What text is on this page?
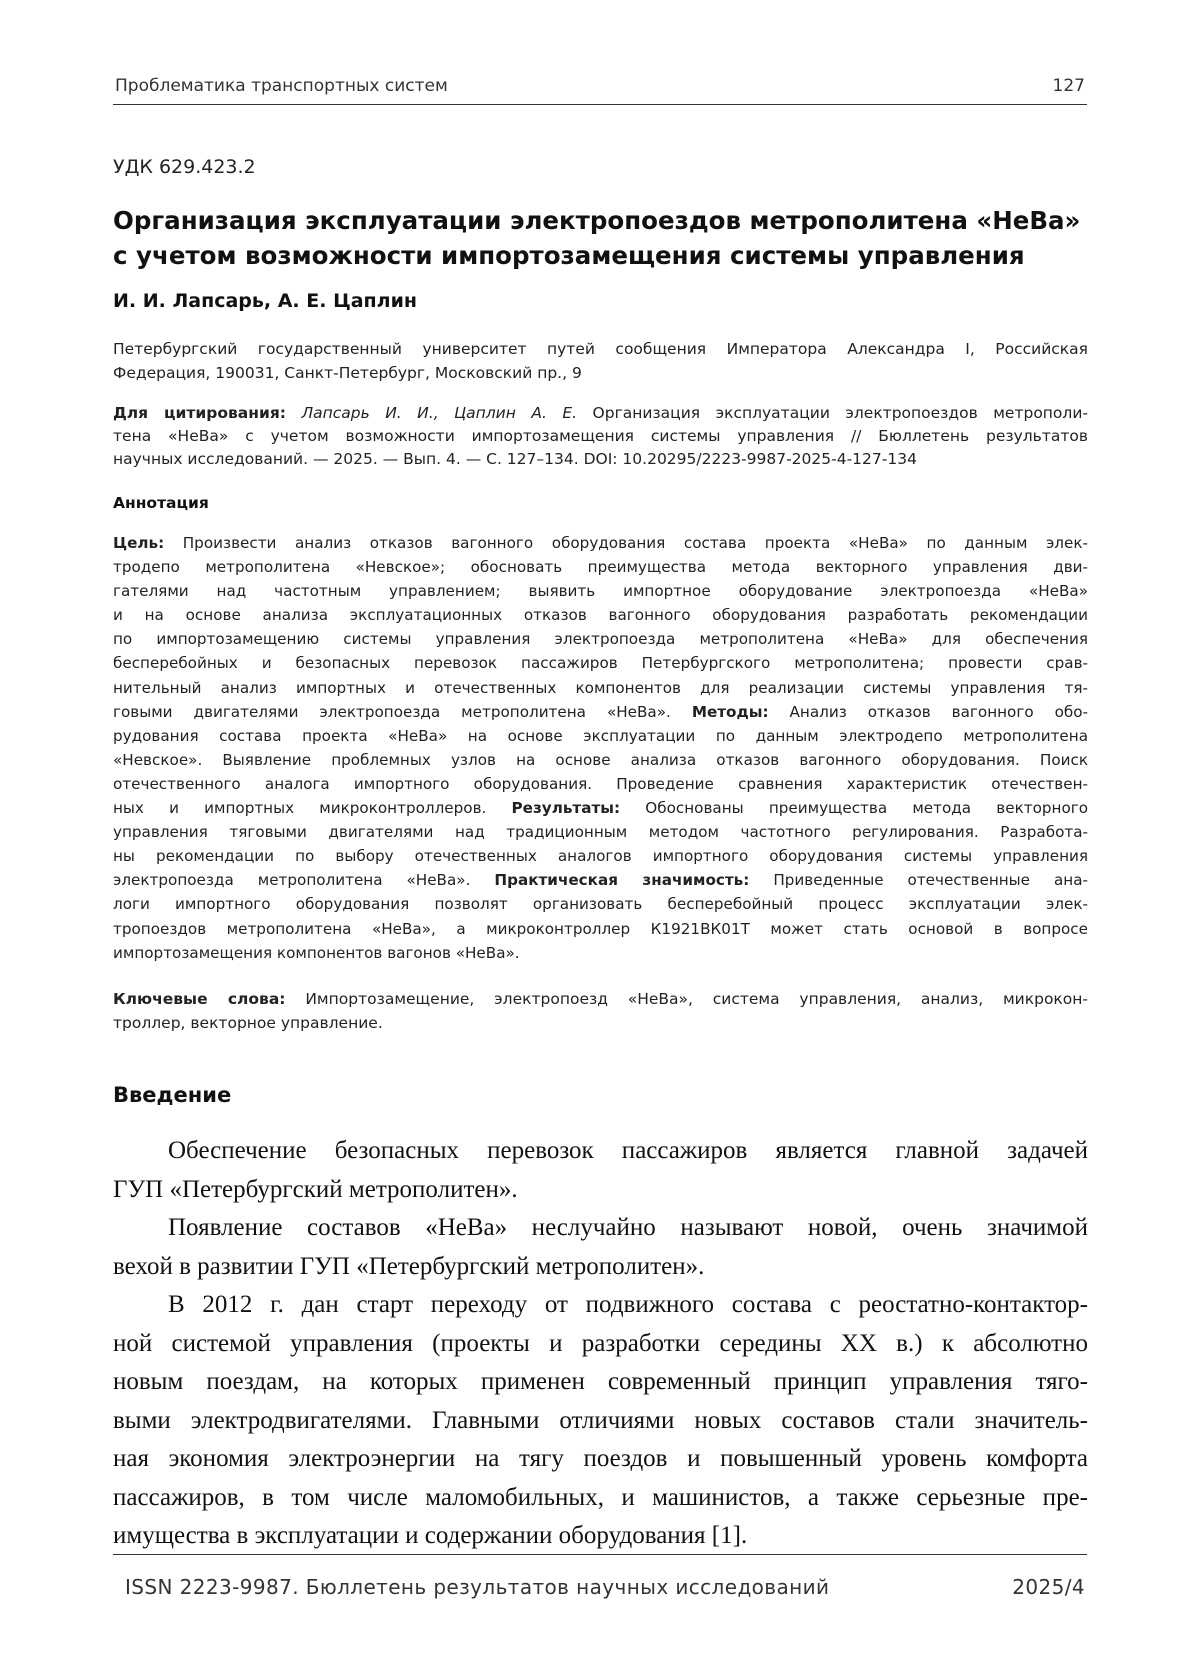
Проблематика транспортных систем	127
УДК 629.423.2
Организация эксплуатации электропоездов метрополитена «НеВа»
с учетом возможности импортозамещения системы управления
И. И. Лапсарь, А. Е. Цаплин
Петербургский государственный университет путей сообщения Императора Александра I, Российская
Федерация, 190031, Санкт-Петербург, Московский пр., 9
Для цитирования: Лапсарь И. И., Цаплин А. Е. Организация эксплуатации электропоездов метрополи-
тена «НеВа» с учетом возможности импортозамещения системы управления // Бюллетень результатов
научных исследований. — 2025. — Вып. 4. — С. 127–134. DOI: 10.20295/2223-9987-2025-4-127-134
Аннотация
Цель: Произвести анализ отказов вагонного оборудования состава проекта «НеВа» по данным элек-
тродепо метрополитена «Невское»; обосновать преимущества метода векторного управления дви-
гателями над частотным управлением; выявить импортное оборудование электропоезда «НеВа»
и на основе анализа эксплуатационных отказов вагонного оборудования разработать рекомендации
по импортозамещению системы управления электропоезда метрополитена «НеВа» для обеспечения
бесперебойных и безопасных перевозок пассажиров Петербургского метрополитена; провести срав-
нительный анализ импортных и отечественных компонентов для реализации системы управления тя-
говыми двигателями электропоезда метрополитена «НеВа». Методы: Анализ отказов вагонного обо-
рудования состава проекта «НеВа» на основе эксплуатации по данным электродепо метрополитена
«Невское». Выявление проблемных узлов на основе анализа отказов вагонного оборудования. Поиск
отечественного аналога импортного оборудования. Проведение сравнения характеристик отечествен-
ных и импортных микроконтроллеров. Результаты: Обоснованы преимущества метода векторного
управления тяговыми двигателями над традиционным методом частотного регулирования. Разработа-
ны рекомендации по выбору отечественных аналогов импортного оборудования системы управления
электропоезда метрополитена «НеВа». Практическая значимость: Приведенные отечественные ана-
логи импортного оборудования позволят организовать бесперебойный процесс эксплуатации элек-
тропоездов метрополитена «НеВа», а микроконтроллер К1921ВК01Т может стать основой в вопросе
импортозамещения компонентов вагонов «НеВа».
Ключевые слова: Импортозамещение, электропоезд «НеВа», система управления, анализ, микрокон-
троллер, векторное управление.
Введение

Обеспечение безопасных перевозок пассажиров является главной задачей
ГУП «Петербургский метрополитен».

Появление составов «НеВа» неслучайно называют новой, очень значимой
вехой в развитии ГУП «Петербургский метрополитен».

В 2012 г. дан старт переходу от подвижного состава с реостатно-контактор-
ной системой управления (проекты и разработки середины XX в.) к абсолютно
новым поездам, на которых применен современный принцип управления тяго-
выми электродвигателями. Главными отличиями новых составов стали значитель-
ная экономия электроэнергии на тягу поездов и повышенный уровень комфорта
пассажиров, в том числе маломобильных, и машинистов, а также серьезные пре-
имущества в эксплуатации и содержании оборудования [1].

ISSN 2223-9987. Бюллетень результатов научных исследований	2025/4
